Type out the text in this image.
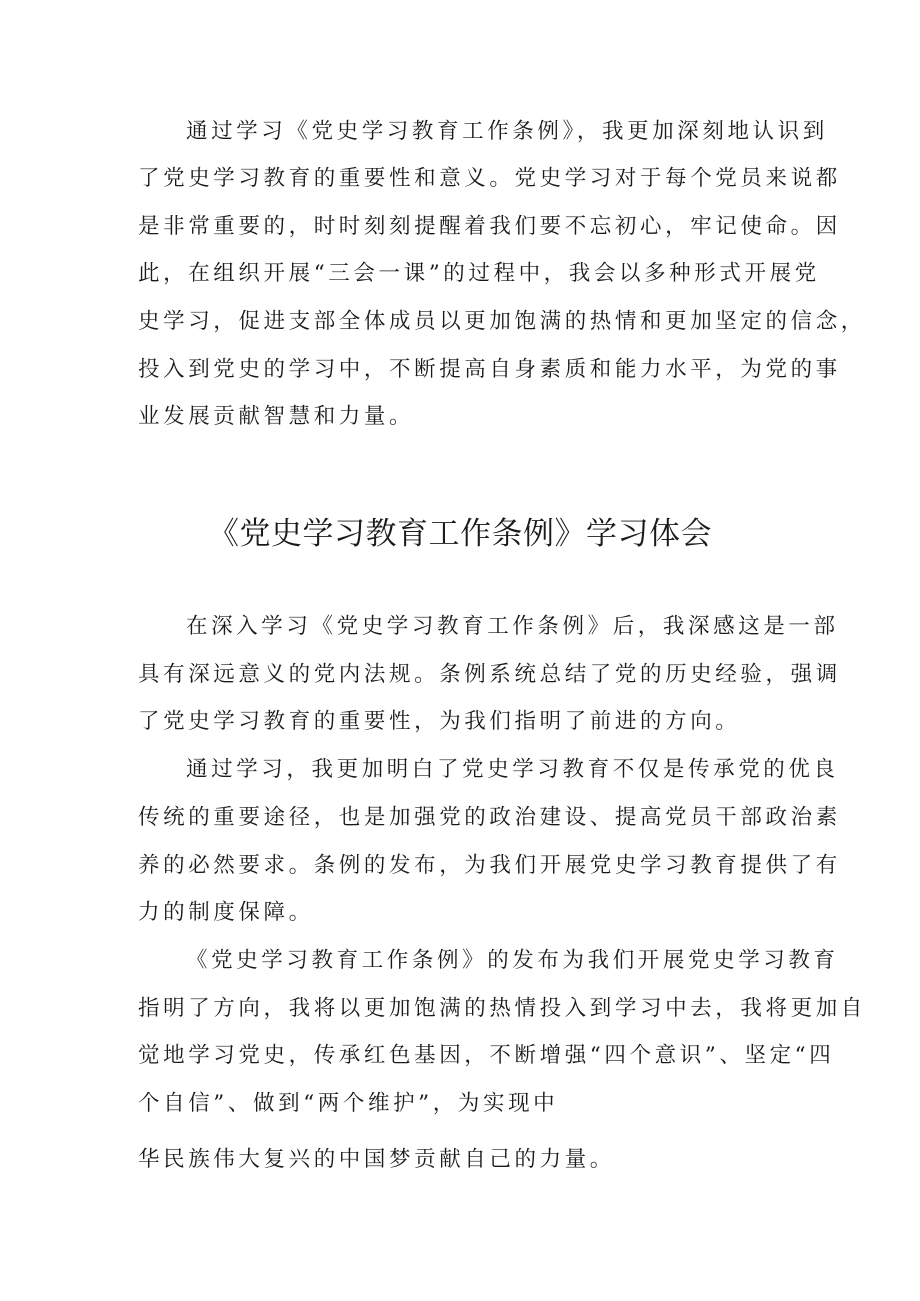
通过学习《党史学习教育工作条例》，我更加深刻地认识到

了党史学习教育的重要性和意义。党史学习对于每个党员来说都

是非常重要的，时时刻刻提醒着我们要不忘初心，牢记使命。因

此，在组织开展“三会一课”的过程中，我会以多种形式开展党

史学习，促进支部全体成员以更加饱满的热情和更加坚定的信念，

投入到党史的学习中，不断提高自身素质和能力水平，为党的事

业发展贡献智慧和力量。

《党史学习教育工作条例》学习体会

在深入学习《党史学习教育工作条例》后，我深感这是一部

具有深远意义的党内法规。条例系统总结了党的历史经验，强调

了党史学习教育的重要性，为我们指明了前进的方向。

通过学习，我更加明白了党史学习教育不仅是传承党的优良

传统的重要途径，也是加强党的政治建设、提高党员干部政治素

养的必然要求。条例的发布，为我们开展党史学习教育提供了有

力的制度保障。

《党史学习教育工作条例》的发布为我们开展党史学习教育

指明了方向，我将以更加饱满的热情投入到学习中去，我将更加自

觉地学习党史，传承红色基因，不断增强“四个意识”、坚定“四

个自信”、做到“两个维护”，为实现中

华民族伟大复兴的中国梦贡献自己的力量。
